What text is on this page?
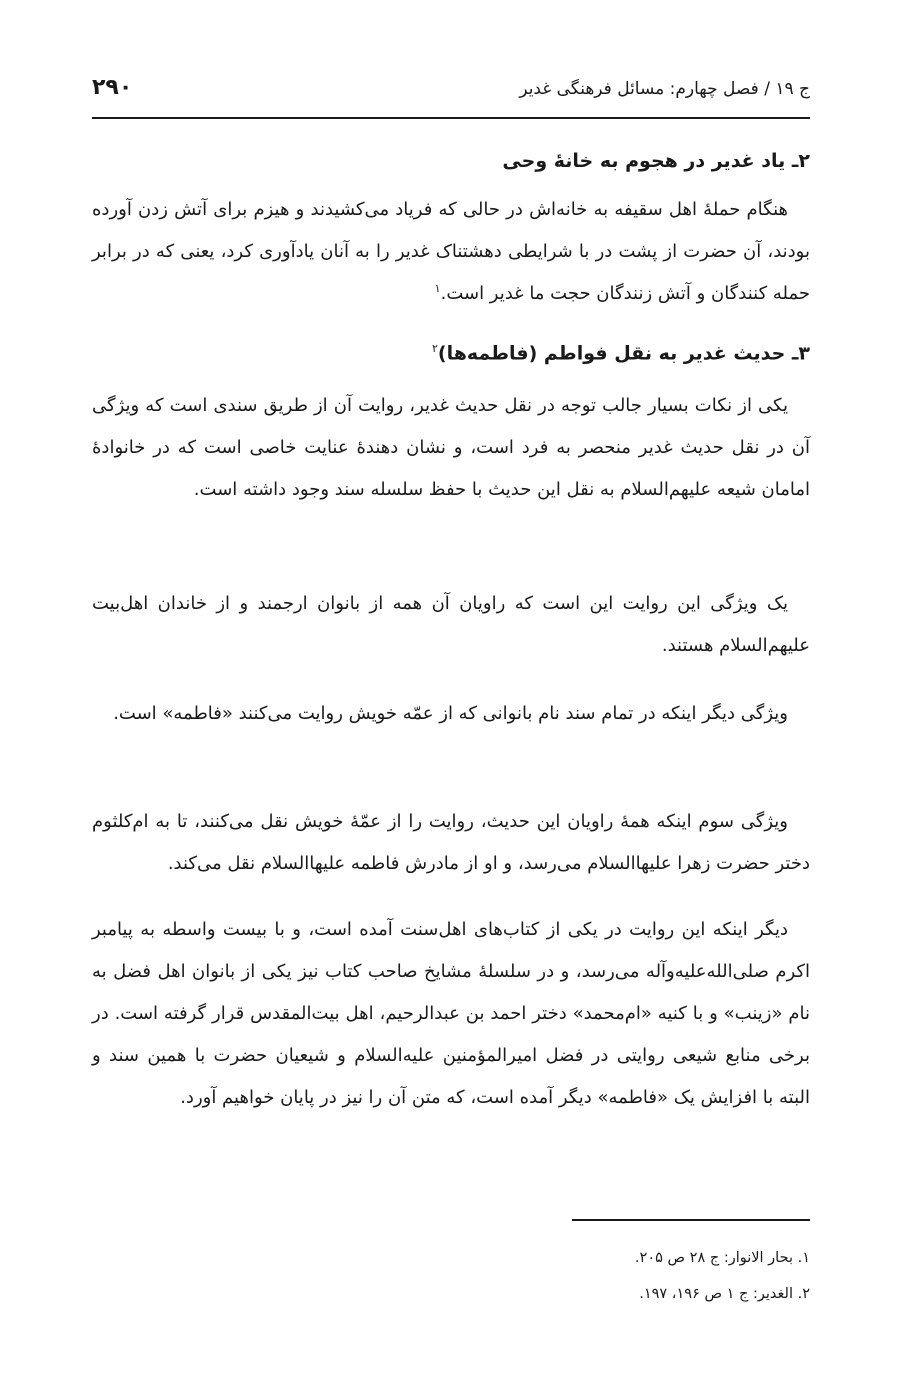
۲۹۰	ج ۱۹ / فصل چهارم: مسائل فرهنگی غدیر
۲ـ یاد غدیر در هجوم به خانهٔ وحی
هنگام حملهٔ اهل سقیفه به خانه‌اش در حالی که فریاد می‌کشیدند و هیزم برای آتش زدن آورده بودند، آن حضرت از پشت در با شرایطی دهشتناک غدیر را به آنان یادآوری کرد، یعنی که در برابر حمله کنندگان و آتش زنندگان حجت ما غدیر است.$^۱$
۳ـ حدیث غدیر به نقل فواطم (فاطمه‌ها)$^۲$
یکی از نکات بسیار جالب توجه در نقل حدیث غدیر، روایت آن از طریق سندی است که ویژگی آن در نقل حدیث غدیر منحصر به فرد است، و نشان دهندهٔ عنایت خاصی است که در خانوادهٔ امامان شیعه علیهم‌السلام به نقل این حدیث با حفظ سلسله سند وجود داشته است.
یک ویژگی این روایت این است که راویان آن همه از بانوان ارجمند و از خاندان اهل‌بیت علیهم‌السلام هستند.
ویژگی دیگر اینکه در تمام سند نام بانوانی که از عمّه خویش روایت می‌کنند «فاطمه» است.
ویژگی سوم اینکه همهٔ راویان این حدیث، روایت را از عمّهٔ خویش نقل می‌کنند، تا به ام‌کلثوم دختر حضرت زهرا علیهاالسلام می‌رسد، و او از مادرش فاطمه علیهاالسلام نقل می‌کند.
دیگر اینکه این روایت در یکی از کتاب‌های اهل‌سنت آمده است، و با بیست واسطه به پیامبر اکرم صلی‌الله‌علیه‌وآله می‌رسد، و در سلسلهٔ مشایخ صاحب کتاب نیز یکی از بانوان اهل فضل به نام «زینب» و با کنیه «ام‌محمد» دختر احمد بن عبدالرحیم، اهل بیت‌المقدس قرار گرفته است. در برخی منابع شیعی روایتی در فضل امیرالمؤمنین علیه‌السلام و شیعیان حضرت با همین سند و البته با افزایش یک «فاطمه» دیگر آمده است، که متن آن را نیز در پایان خواهیم آورد.
۱. بحار الانوار: ج ۲۸ ص ۲۰۵.
۲. الغدیر: ج ۱ ص ۱۹۶، ۱۹۷.
